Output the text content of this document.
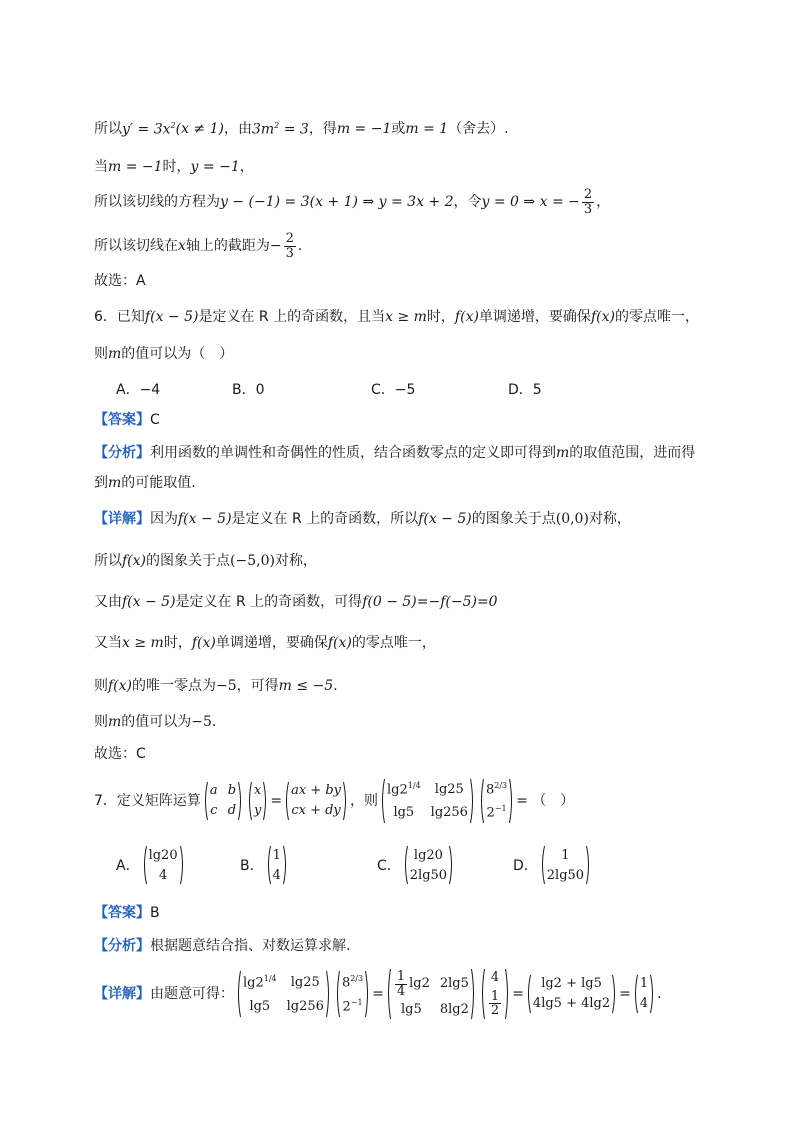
所以 $y' = 3x^2$ (x ≠ 1) ，由 $3m^2 = 3$ ，得 m = −1 或 m = 1 （舍去）.
当 m = −1 时， y = −1 ，
所以该切线的方程为 y − (−1) = 3(x + 1) ⇒ y = 3x + 2 ，令 y = 0 ⇒ x = − $\frac{2}{3}$ ，
所以该切线在 x 轴上的截距为 − $\frac{2}{3}$ .
故选：A
6．已知 f(x − 5) 是定义在 R 上的奇函数，且当 x ≥ m 时， f(x) 单调递增，要确保 f(x) 的零点唯一，
则 m 的值可以为（　）
A．−4	B．0	C．−5	D．5
【答案】 C
【分析】 利用函数的单调性和奇偶性的性质，结合函数零点的定义即可得到 m 的取值范围，进而得
到 m 的可能取值.
【详解】 因为 f(x − 5) 是定义在 R 上的奇函数，所以 f(x − 5) 的图象关于点 (0,0) 对称，
所以 f(x) 的图象关于点 (−5,0) 对称，
又由 f(x − 5) 是定义在 R 上的奇函数，可得 f(0 − 5)=−f(−5)=0
又当 x ≥ m 时， f(x) 单调递增，要确保 f(x) 的零点唯一，
则 f(x) 的唯一零点为 −5 ，可得 m ≤ −5 .
则 m 的值可以为 −5 .
故选：C
7．定义矩阵运算
a b
c d
x
y
=
ax + by
cx + dy
，则
$\lg 2^{1/4}$	lg25
lg5	lg256
$8^{2/3}$
$2^{-1}$ = （　）
A．
lg20
4
B．
1
4
C．
lg20
2lg50
D．
1
2lg50
【答案】 B
【分析】 根据题意结合指、对数运算求解.
【详解】 由题意可得：
$\lg 2^{1/4}$	lg25
lg5	lg256
$8^{2/3}$
$2^{-1}$
= $\frac{1}{4} \lg 2$ 2lg5
lg5	8lg2
4
$\frac{1}{2}$ =
lg2 + lg5
4lg5 + 4lg2
=
1
4
.
